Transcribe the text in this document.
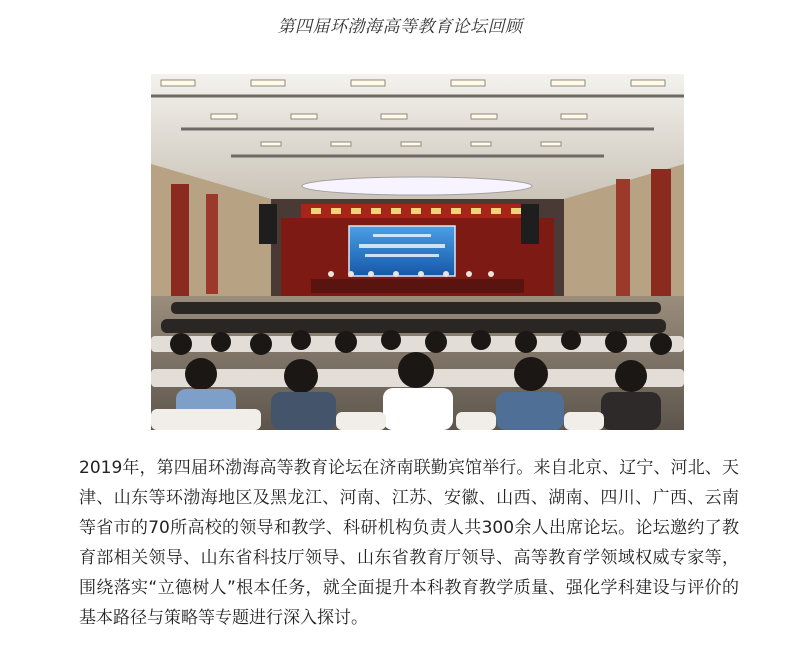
第四届环渤海高等教育论坛回顾

2019年，第四届环渤海高等教育论坛在济南联勤宾馆举行。来自北京、辽宁、河北、天津、山东等环渤海地区及黑龙江、河南、江苏、安徽、山西、湖南、四川、广西、云南等省市的70所高校的领导和教学、科研机构负责人共300余人出席论坛。论坛邀约了教育部相关领导、山东省科技厅领导、山东省教育厅领导、高等教育学领域权威专家等，围绕落实“立德树人”根本任务，就全面提升本科教育教学质量、强化学科建设与评价的基本路径与策略等专题进行深入探讨。
